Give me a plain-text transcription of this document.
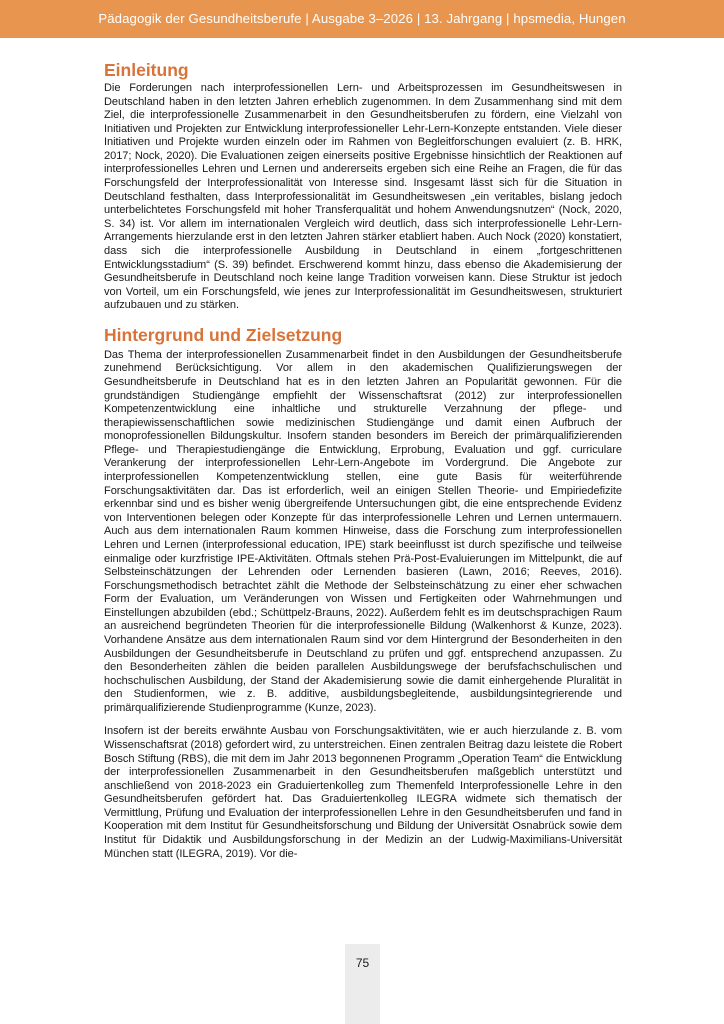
Pädagogik der Gesundheitsberufe | Ausgabe 3–2026 | 13. Jahrgang | hpsmedia, Hungen
Einleitung

Die Forderungen nach interprofessionellen Lern- und Arbeitsprozessen im Gesundheitswesen in Deutschland haben in den letzten Jahren erheblich zugenommen. In dem Zusammenhang sind mit dem Ziel, die interprofessionelle Zusammenarbeit in den Gesundheitsberufen zu fördern, eine Vielzahl von Initiativen und Projekten zur Entwicklung interprofessioneller Lehr-Lern-Konzepte entstanden. Viele dieser Initiativen und Projekte wurden einzeln oder im Rahmen von Begleitforschungen evaluiert (z. B. HRK, 2017; Nock, 2020). Die Evaluationen zeigen einerseits positive Ergebnisse hinsichtlich der Reaktionen auf interprofessionelles Lehren und Lernen und andererseits ergeben sich eine Reihe an Fragen, die für das Forschungsfeld der Interprofessionalität von Interesse sind. Insgesamt lässt sich für die Situation in Deutschland festhalten, dass Interprofessionalität im Gesundheitswesen „ein veritables, bislang jedoch unterbelichtetes Forschungsfeld mit hoher Transferqualität und hohem Anwendungsnutzen“ (Nock, 2020, S. 34) ist. Vor allem im internationalen Vergleich wird deutlich, dass sich interprofessionelle Lehr-Lern-Arrangements hierzulande erst in den letzten Jahren stärker etabliert haben. Auch Nock (2020) konstatiert, dass sich die interprofessionelle Ausbildung in Deutschland in einem „fortgeschrittenen Entwicklungsstadium“ (S. 39) befindet. Erschwerend kommt hinzu, dass ebenso die Akademisierung der Gesundheitsberufe in Deutschland noch keine lange Tradition vorweisen kann. Diese Struktur ist jedoch von Vorteil, um ein Forschungsfeld, wie jenes zur Interprofessionalität im Gesundheitswesen, strukturiert aufzubauen und zu stärken.

Hintergrund und Zielsetzung

Das Thema der interprofessionellen Zusammenarbeit findet in den Ausbildungen der Gesundheitsberufe zunehmend Berücksichtigung. Vor allem in den akademischen Qualifizierungswegen der Gesundheitsberufe in Deutschland hat es in den letzten Jahren an Popularität gewonnen. Für die grundständigen Studiengänge empfiehlt der Wissenschaftsrat (2012) zur interprofessionellen Kompetenzentwicklung eine inhaltliche und strukturelle Verzahnung der pflege- und therapiewissenschaftlichen sowie medizinischen Studiengänge und damit einen Aufbruch der monoprofessionellen Bildungskultur. Insofern standen besonders im Bereich der primärqualifizierenden Pflege- und Therapiestudiengänge die Entwicklung, Erprobung, Evaluation und ggf. curriculare Verankerung der interprofessionellen Lehr-Lern-Angebote im Vordergrund. Die Angebote zur interprofessionellen Kompetenzentwicklung stellen, eine gute Basis für weiterführende Forschungsaktivitäten dar. Das ist erforderlich, weil an einigen Stellen Theorie- und Empiriedefizite erkennbar sind und es bisher wenig übergreifende Untersuchungen gibt, die eine entsprechende Evidenz von Interventionen belegen oder Konzepte für das interprofessionelle Lehren und Lernen untermauern. Auch aus dem internationalen Raum kommen Hinweise, dass die Forschung zum interprofessionellen Lehren und Lernen (interprofessional education, IPE) stark beeinflusst ist durch spezifische und teilweise einmalige oder kurzfristige IPE-Aktivitäten. Oftmals stehen Prä-Post-Evaluierungen im Mittelpunkt, die auf Selbsteinschätzungen der Lehrenden oder Lernenden basieren (Lawn, 2016; Reeves, 2016). Forschungsmethodisch betrachtet zählt die Methode der Selbsteinschätzung zu einer eher schwachen Form der Evaluation, um Veränderungen von Wissen und Fertigkeiten oder Wahrnehmungen und Einstellungen abzubilden (ebd.; Schüttpelz-Brauns, 2022). Außerdem fehlt es im deutschsprachigen Raum an ausreichend begründeten Theorien für die interprofessionelle Bildung (Walkenhorst & Kunze, 2023). Vorhandene Ansätze aus dem internationalen Raum sind vor dem Hintergrund der Besonderheiten in den Ausbildungen der Gesundheitsberufe in Deutschland zu prüfen und ggf. entsprechend anzupassen. Zu den Besonderheiten zählen die beiden parallelen Ausbildungswege der berufsfachschulischen und hochschulischen Ausbildung, der Stand der Akademisierung sowie die damit einhergehende Pluralität in den Studienformen, wie z. B. additive, ausbildungsbegleitende, ausbildungsintegrierende und primärqualifizierende Studienprogramme (Kunze, 2023).

Insofern ist der bereits erwähnte Ausbau von Forschungsaktivitäten, wie er auch hierzulande z. B. vom Wissenschaftsrat (2018) gefordert wird, zu unterstreichen. Einen zentralen Beitrag dazu leistete die Robert Bosch Stiftung (RBS), die mit dem im Jahr 2013 begonnenen Programm „Operation Team“ die Entwicklung der interprofessionellen Zusammenarbeit in den Gesundheitsberufen maßgeblich unterstützt und anschließend von 2018-2023 ein Graduiertenkolleg zum Themenfeld Interprofessionelle Lehre in den Gesundheitsberufen gefördert hat. Das Graduiertenkolleg ILEGRA widmete sich thematisch der Vermittlung, Prüfung und Evaluation der interprofessionellen Lehre in den Gesundheitsberufen und fand in Kooperation mit dem Institut für Gesundheitsforschung und Bildung der Universität Osnabrück sowie dem Institut für Didaktik und Ausbildungsforschung in der Medizin an der Ludwig-Maximilians-Universität München statt (ILEGRA, 2019). Vor die-

75
